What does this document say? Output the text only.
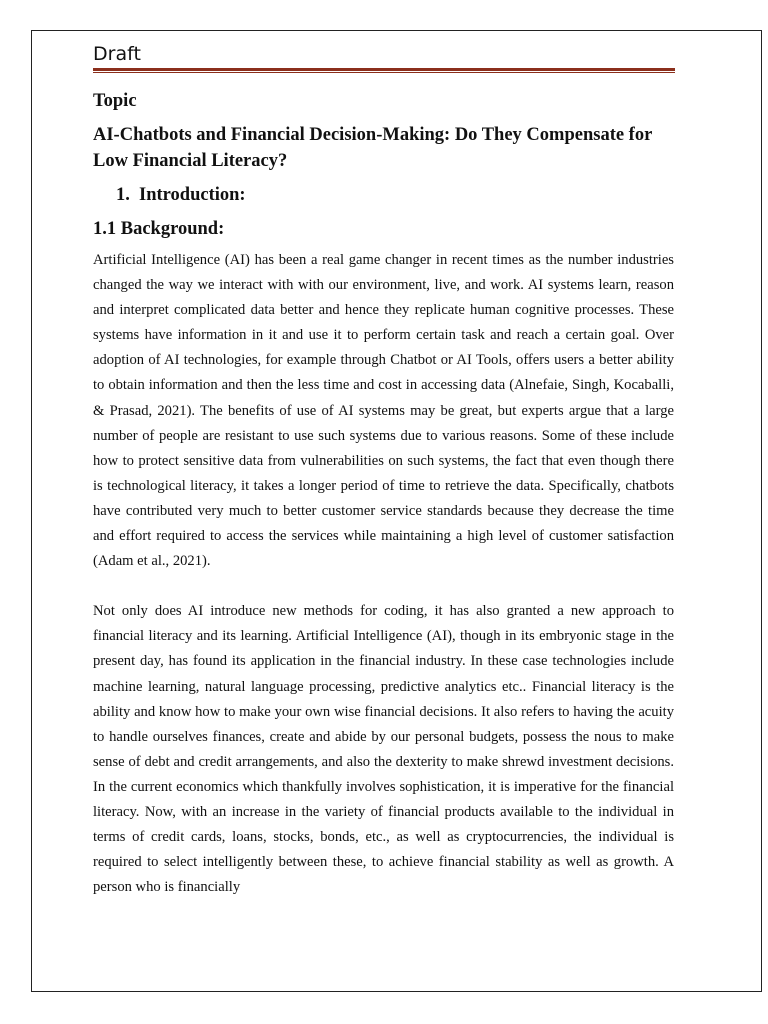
Draft

Topic

AI-Chatbots and Financial Decision-Making: Do They Compensate for Low Financial Literacy?

1. Introduction:

1.1 Background:

Artificial Intelligence (AI) has been a real game changer in recent times as the number industries changed the way we interact with with our environment, live, and work. AI systems learn, reason and interpret complicated data better and hence they replicate human cognitive processes. These systems have information in it and use it to perform certain task and reach a certain goal. Over adoption of AI technologies, for example through Chatbot or AI Tools, offers users a better ability to obtain information and then the less time and cost in accessing data (Alnefaie, Singh, Kocaballi, & Prasad, 2021). The benefits of use of AI systems may be great, but experts argue that a large number of people are resistant to use such systems due to various reasons. Some of these include how to protect sensitive data from vulnerabilities on such systems, the fact that even though there is technological literacy, it takes a longer period of time to retrieve the data. Specifically, chatbots have contributed very much to better customer service standards because they decrease the time and effort required to access the services while maintaining a high level of customer satisfaction (Adam et al., 2021).

Not only does AI introduce new methods for coding, it has also granted a new approach to financial literacy and its learning. Artificial Intelligence (AI), though in its embryonic stage in the present day, has found its application in the financial industry. In these case technologies include machine learning, natural language processing, predictive analytics etc.. Financial literacy is the ability and know how to make your own wise financial decisions. It also refers to having the acuity to handle ourselves finances, create and abide by our personal budgets, possess the nous to make sense of debt and credit arrangements, and also the dexterity to make shrewd investment decisions. In the current economics which thankfully involves sophistication, it is imperative for the financial literacy. Now, with an increase in the variety of financial products available to the individual in terms of credit cards, loans, stocks, bonds, etc., as well as cryptocurrencies, the individual is required to select intelligently between these, to achieve financial stability as well as growth. A person who is financially
